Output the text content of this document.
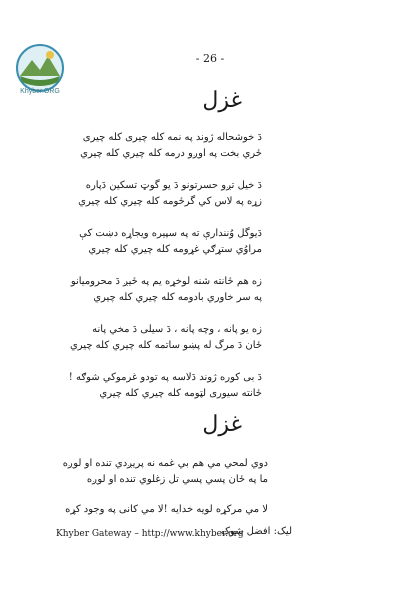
Khyber.ORG
- 26 -
غزل
دَ خوشحاله ژوند په نمه کله چیری کله چیری
ځري بخت په اوږو درمه کله چیري کله چیري
دَ خیل تږو حسرتونو دَ یو گوټ تسکین دَپاره
زړه په لاس کي گرځومه کله چیري کله چیري
دَیوگل وُنندارې ته په سپیره ویجاړه دښت کې
مراوُي ستړګي غړومه کله چیري کله چیري
زه هم ځانته شنه لوخړه یم په ځیږ دَ محرومیانو
په سر خاوري بادومه کله چیري کله چیري
زه یو پانه ، وچه پانه ، دَ سیلی دَ مخي پانه
ځان دَ مرگ له پښو ساتمه کله چیري کله چیري
دَ بی کوره ژوند دَلاسه په تودو غرموکي شوګه !
ځانته سیوری لټومه کله چیري کله چیري
غزل
دوي لمحي مي هم بي غمه نه پریږدي تنده او لوږه
ما په ځان پسي پسي تل زغلوي تنده او لوږه
لا مي مرکړه لویه خدایه !لا مي کانی په وجود کړه
Khyber Gateway – http://www.khyber.org
لیک: افضل شوک
